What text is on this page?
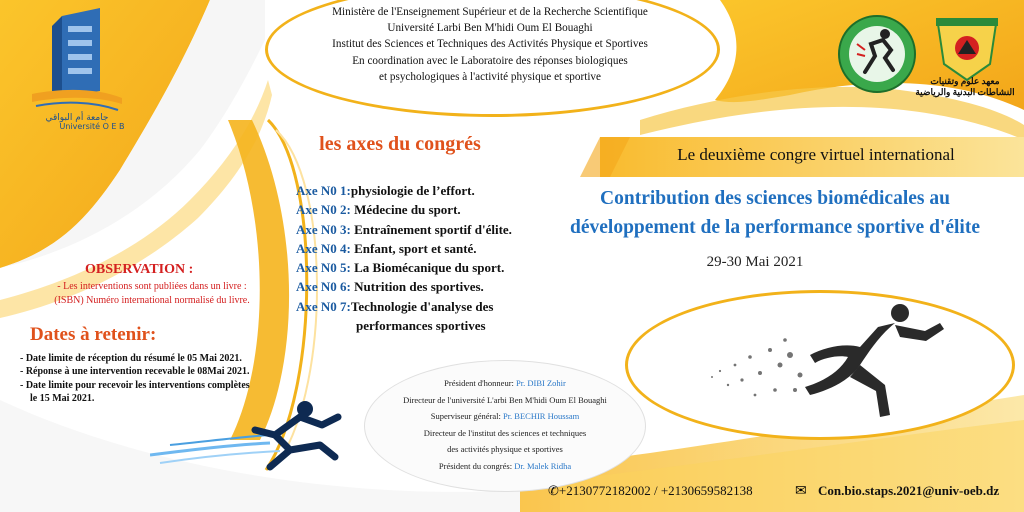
Ministère de l'Enseignement Supérieur et de la Recherche Scientifique
Université Larbi Ben M'hidi Oum El Bouaghi
Institut des Sciences et Techniques des Activités Physique et Sportives
En coordination avec le Laboratoire des réponses biologiques
et psychologiques à l'activité physique et sportive
جامعة أم البواقي
Université O E B
معهد علوم وتقنيات النشاطات البدنية والرياضية
les axes du congrés
Axe N0 1:physiologie de l’effort.
Axe N0 2: Médecine du sport.
Axe N0 3: Entraînement sportif d'élite.
Axe N0 4: Enfant, sport et santé.
Axe N0 5: La Biomécanique du sport.
Axe N0 6: Nutrition des sportives.
Axe N0 7:Technologie d'analyse des
performances sportives
Le deuxième congre virtuel international
Contribution des sciences biomédicales au
développement de la performance sportive d'élite
29-30 Mai 2021
OBSERVATION :
- Les interventions sont publiées dans un livre :
(ISBN) Numéro international normalisé du livre.
Dates à retenir:
- Date limite de réception du résumé le 05 Mai 2021.
- Réponse à une intervention recevable le 08Mai 2021.
- Date limite pour recevoir les interventions complètes
le 15 Mai 2021.
Président d'honneur: Pr. DIBI Zohir
Directeur de l'université L'arbi Ben M'hidi Oum El Bouaghi
Superviseur général: Pr. BECHIR Houssam
Directeur de l'institut des sciences et techniques
des activités physique et sportives
Président du congrés: Dr. Malek Ridha
✆+2130772182002 / +2130659582138	✉ Con.bio.staps.2021@univ-oeb.dz
